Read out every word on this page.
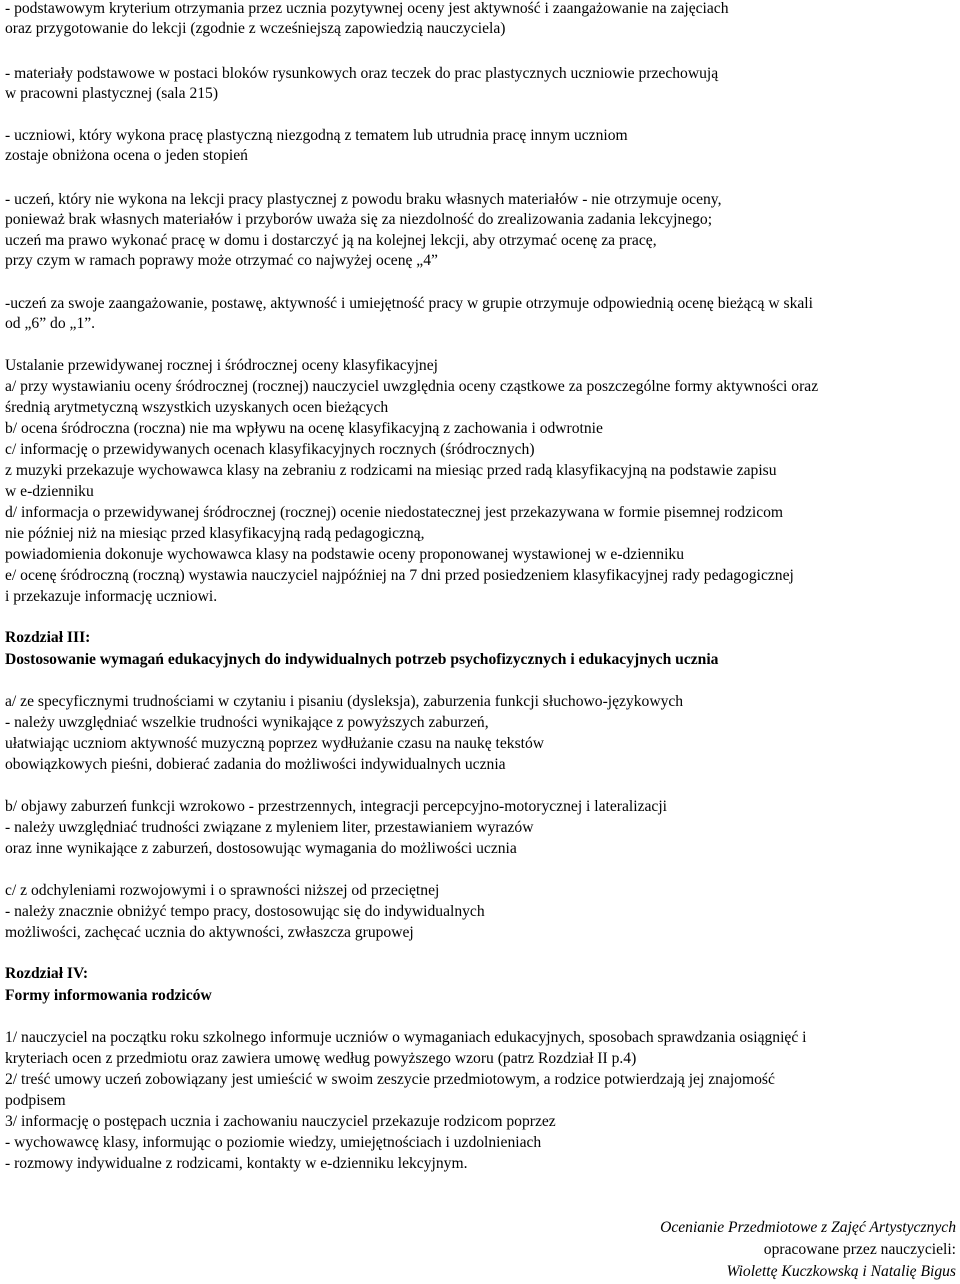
- podstawowym kryterium otrzymania przez ucznia pozytywnej oceny jest aktywność i zaangażowanie na zajęciach
oraz przygotowanie do lekcji (zgodnie z wcześniejszą zapowiedzią nauczyciela)
- materiały podstawowe w postaci bloków rysunkowych oraz teczek do prac plastycznych uczniowie przechowują
w pracowni plastycznej (sala 215)
- uczniowi, który wykona pracę plastyczną niezgodną z tematem lub utrudnia pracę innym uczniom
zostaje obniżona ocena o jeden stopień
- uczeń, który nie wykona na lekcji pracy plastycznej z powodu braku własnych materiałów - nie otrzymuje oceny,
ponieważ brak własnych materiałów i przyborów uważa się za niezdolność do zrealizowania zadania lekcyjnego;
uczeń ma prawo wykonać pracę w domu i dostarczyć ją na kolejnej lekcji, aby otrzymać ocenę za pracę,
przy czym w ramach poprawy może otrzymać co najwyżej ocenę „4”
-uczeń za swoje zaangażowanie, postawę, aktywność i umiejętność pracy w grupie otrzymuje odpowiednią ocenę bieżącą w skali
od „6” do „1”.
Ustalanie przewidywanej rocznej i śródrocznej oceny klasyfikacyjnej
a/ przy wystawianiu oceny śródrocznej (rocznej) nauczyciel uwzględnia oceny cząstkowe za poszczególne formy aktywności oraz
średnią arytmetyczną wszystkich uzyskanych ocen bieżących
b/ ocena śródroczna (roczna) nie ma wpływu na ocenę klasyfikacyjną z zachowania i odwrotnie
c/ informację o przewidywanych ocenach klasyfikacyjnych rocznych (śródrocznych)
z muzyki przekazuje wychowawca klasy na zebraniu z rodzicami na miesiąc przed radą klasyfikacyjną na podstawie zapisu
w e-dzienniku
d/ informacja o przewidywanej śródrocznej (rocznej) ocenie niedostatecznej jest przekazywana w formie pisemnej rodzicom
nie później niż na miesiąc przed klasyfikacyjną radą pedagogiczną,
powiadomienia dokonuje wychowawca klasy na podstawie oceny proponowanej wystawionej w e-dzienniku
e/ ocenę śródroczną (roczną) wystawia nauczyciel najpóźniej na 7 dni przed posiedzeniem klasyfikacyjnej rady pedagogicznej
i przekazuje informację uczniowi.
Rozdział III:
Dostosowanie wymagań edukacyjnych do indywidualnych potrzeb psychofizycznych i edukacyjnych ucznia
a/ ze specyficznymi trudnościami w czytaniu i pisaniu (dysleksja), zaburzenia funkcji słuchowo-językowych
- należy uwzględniać wszelkie trudności wynikające z powyższych zaburzeń,
ułatwiając uczniom aktywność muzyczną poprzez wydłużanie czasu na naukę tekstów
obowiązkowych pieśni, dobierać zadania do możliwości indywidualnych ucznia
b/ objawy zaburzeń funkcji wzrokowo - przestrzennych, integracji percepcyjno-motorycznej i lateralizacji
- należy uwzględniać trudności związane z myleniem liter, przestawianiem wyrazów
oraz inne wynikające z zaburzeń, dostosowując wymagania do możliwości ucznia
c/ z odchyleniami rozwojowymi i o sprawności niższej od przeciętnej
- należy znacznie obniżyć tempo pracy, dostosowując się do indywidualnych
możliwości, zachęcać ucznia do aktywności, zwłaszcza grupowej
Rozdział IV:
Formy informowania rodziców
1/ nauczyciel na początku roku szkolnego informuje uczniów o wymaganiach edukacyjnych, sposobach sprawdzania osiągnięć i
kryteriach ocen z przedmiotu oraz zawiera umowę według powyższego wzoru (patrz Rozdział II p.4)
2/ treść umowy uczeń zobowiązany jest umieścić w swoim zeszycie przedmiotowym, a rodzice potwierdzają jej znajomość
podpisem
3/ informację o postępach ucznia i zachowaniu nauczyciel przekazuje rodzicom poprzez
- wychowawcę klasy, informując o poziomie wiedzy, umiejętnościach i uzdolnieniach
- rozmowy indywidualne z rodzicami, kontakty w e-dzienniku lekcyjnym.
Ocenianie Przedmiotowe z Zajęć Artystycznych
opracowane przez nauczycieli:
Wiolettę Kuczkowską i Natalię Bigus
